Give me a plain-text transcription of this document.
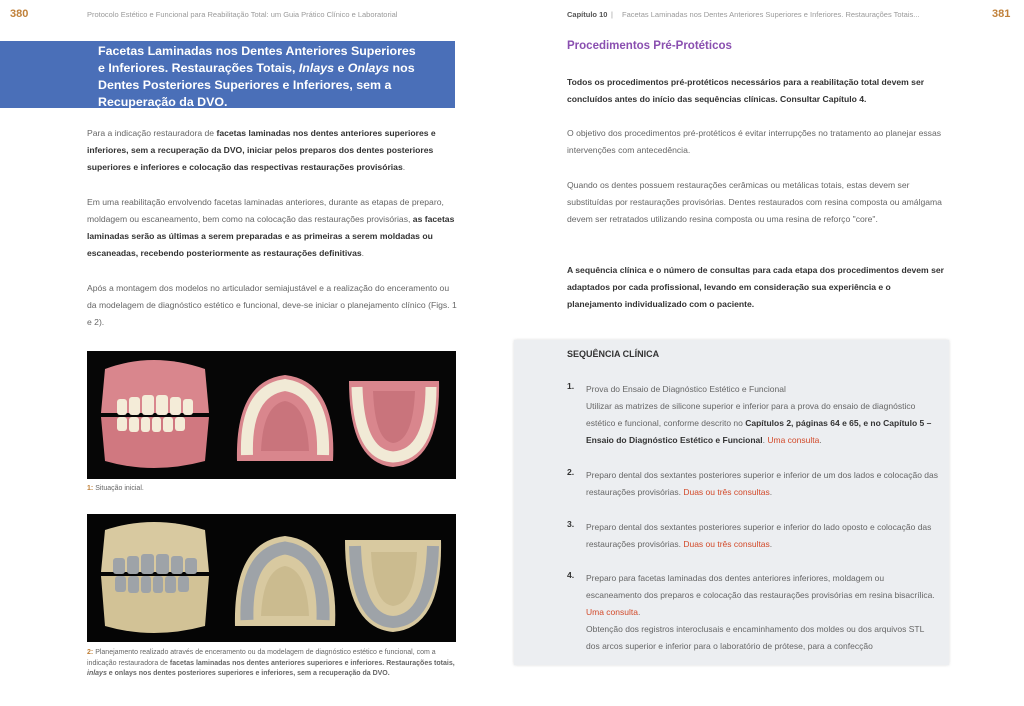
380	Protocolo Estético e Funcional para Reabilitação Total: um Guia Prático Clínico e Laboratorial
Facetas Laminadas nos Dentes Anteriores Superiores
e Inferiores. Restaurações Totais, Inlays e Onlays nos
Dentes Posteriores Superiores e Inferiores, sem a
Recuperação da DVO.

Para a indicação restauradora de facetas laminadas nos dentes anteriores superiores e inferiores, sem a recuperação da DVO, iniciar pelos preparos dos dentes posteriores superiores e inferiores e colocação das respectivas restaurações provisórias.

Em uma reabilitação envolvendo facetas laminadas anteriores, durante as etapas de preparo, moldagem ou escaneamento, bem como na colocação das restaurações provisórias, as facetas laminadas serão as últimas a serem preparadas e as primeiras a serem moldadas ou escaneadas, recebendo posteriormente as restaurações definitivas.

Após a montagem dos modelos no articulador semiajustável e a realização do enceramento ou da modelagem de diagnóstico estético e funcional, deve-se iniciar o planejamento clínico (Figs. 1 e 2).

1: Situação inicial.
2: Planejamento realizado através de enceramento ou da modelagem de diagnóstico estético e funcional, com a indicação restauradora de facetas laminadas nos dentes anteriores superiores e inferiores. Restaurações totais, inlays e onlays nos dentes posteriores superiores e inferiores, sem a recuperação da DVO.
Capítulo 10 | Facetas Laminadas nos Dentes Anteriores Superiores e Inferiores. Restaurações Totais...	381
Procedimentos Pré-Protéticos

Todos os procedimentos pré-protéticos necessários para a reabilitação total devem ser concluídos antes do início das sequências clínicas. Consultar Capítulo 4.

O objetivo dos procedimentos pré-protéticos é evitar interrupções no tratamento ao planejar essas intervenções com antecedência.

Quando os dentes possuem restaurações cerâmicas ou metálicas totais, estas devem ser substituídas por restaurações provisórias. Dentes restaurados com resina composta ou amálgama devem ser retratados utilizando resina composta ou uma resina de reforço "core".

A sequência clínica e o número de consultas para cada etapa dos procedimentos devem ser adaptados por cada profissional, levando em consideração sua experiência e o planejamento individualizado com o paciente.

SEQUÊNCIA CLÍNICA
1. Prova do Ensaio de Diagnóstico Estético e Funcional
Utilizar as matrizes de silicone superior e inferior para a prova do ensaio de diagnóstico estético e funcional, conforme descrito no Capítulos 2, páginas 64 e 65, e no Capítulo 5 – Ensaio do Diagnóstico Estético e Funcional. Uma consulta.
2. Preparo dental dos sextantes posteriores superior e inferior de um dos lados e colocação das restaurações provisórias. Duas ou três consultas.
3. Preparo dental dos sextantes posteriores superior e inferior do lado oposto e colocação das restaurações provisórias. Duas ou três consultas.
4. Preparo para facetas laminadas dos dentes anteriores inferiores, moldagem ou escaneamento dos preparos e colocação das restaurações provisórias em resina bisacrílica. Uma consulta.
Obtenção dos registros interoclusais e encaminhamento dos moldes ou dos arquivos STL dos arcos superior e inferior para o laboratório de prótese, para a confecção
